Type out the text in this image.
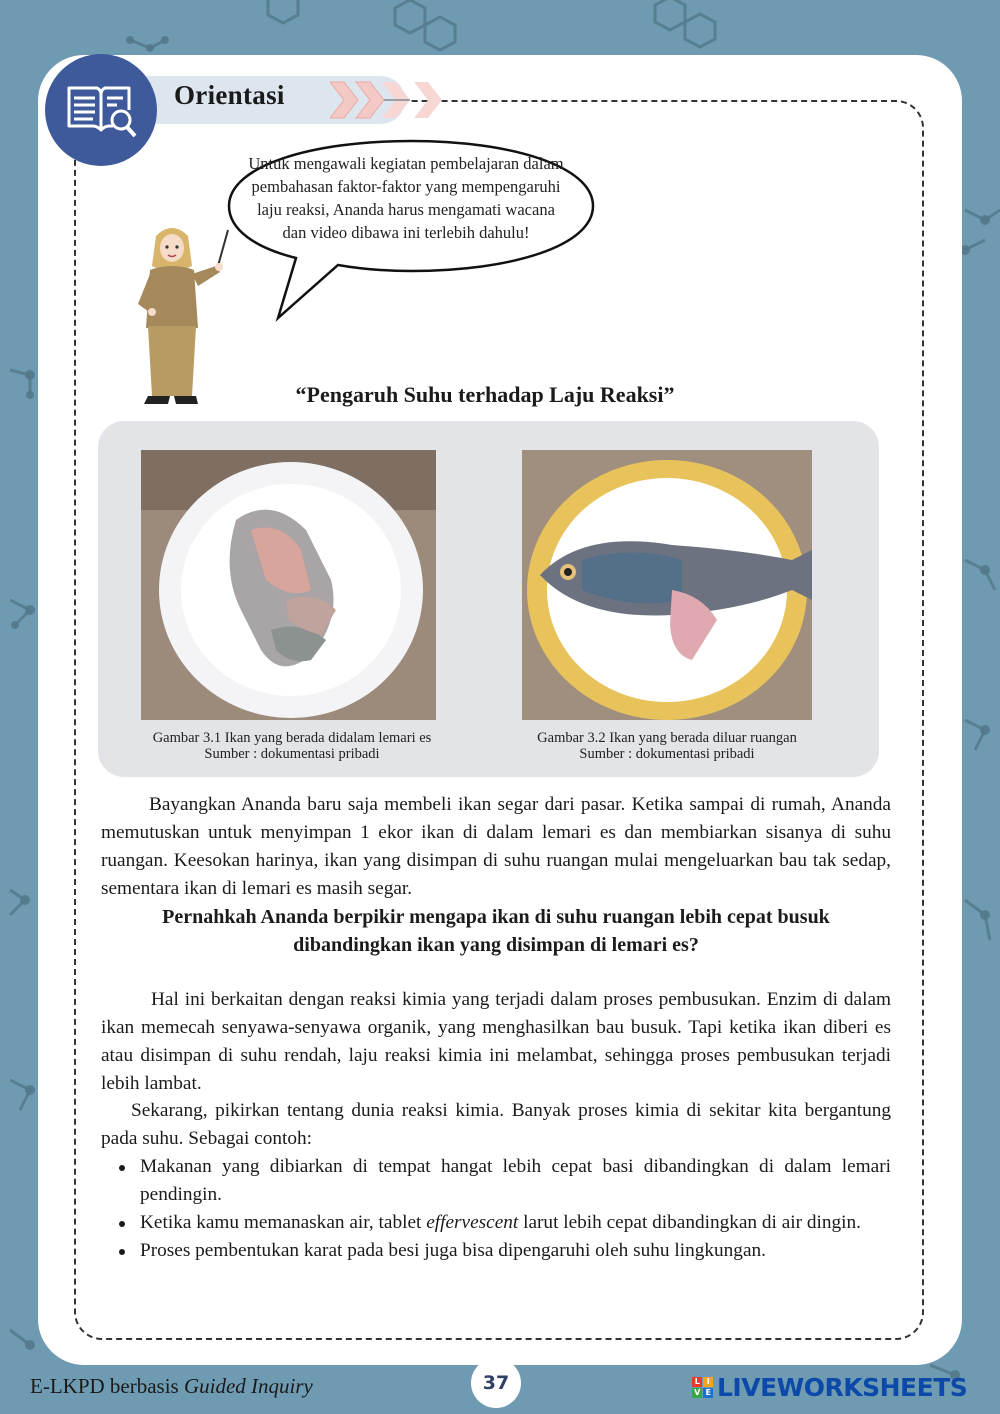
Orientasi
Untuk mengawali kegiatan pembelajaran dalam pembahasan faktor-faktor yang mempengaruhi laju reaksi, Ananda harus mengamati wacana dan video dibawa ini terlebih dahulu!
“Pengaruh Suhu terhadap Laju Reaksi”
Gambar 3.1 Ikan yang berada didalam lemari es
Sumber : dokumentasi pribadi
Gambar 3.2 Ikan yang berada diluar ruangan
Sumber : dokumentasi pribadi

Bayangkan Ananda baru saja membeli ikan segar dari pasar. Ketika sampai di rumah, Ananda memutuskan untuk menyimpan 1 ekor ikan di dalam lemari es dan membiarkan sisanya di suhu ruangan. Keesokan harinya, ikan yang disimpan di suhu ruangan mulai mengeluarkan bau tak sedap, sementara ikan di lemari es masih segar.

Pernahkah Ananda berpikir mengapa ikan di suhu ruangan lebih cepat busuk dibandingkan ikan yang disimpan di lemari es?

Hal ini berkaitan dengan reaksi kimia yang terjadi dalam proses pembusukan. Enzim di dalam ikan memecah senyawa-senyawa organik, yang menghasilkan bau busuk. Tapi ketika ikan diberi es atau disimpan di suhu rendah, laju reaksi kimia ini melambat, sehingga proses pembusukan terjadi lebih lambat.

Sekarang, pikirkan tentang dunia reaksi kimia. Banyak proses kimia di sekitar kita bergantung pada suhu. Sebagai contoh:

Makanan yang dibiarkan di tempat hangat lebih cepat basi dibandingkan di dalam lemari pendingin.
Ketika kamu memanaskan air, tablet effervescent larut lebih cepat dibandingkan di air dingin.
Proses pembentukan karat pada besi juga bisa dipengaruhi oleh suhu lingkungan.
E-LKPD berbasis Guided Inquiry	37	L I
V E LIVEWORKSHEETS
